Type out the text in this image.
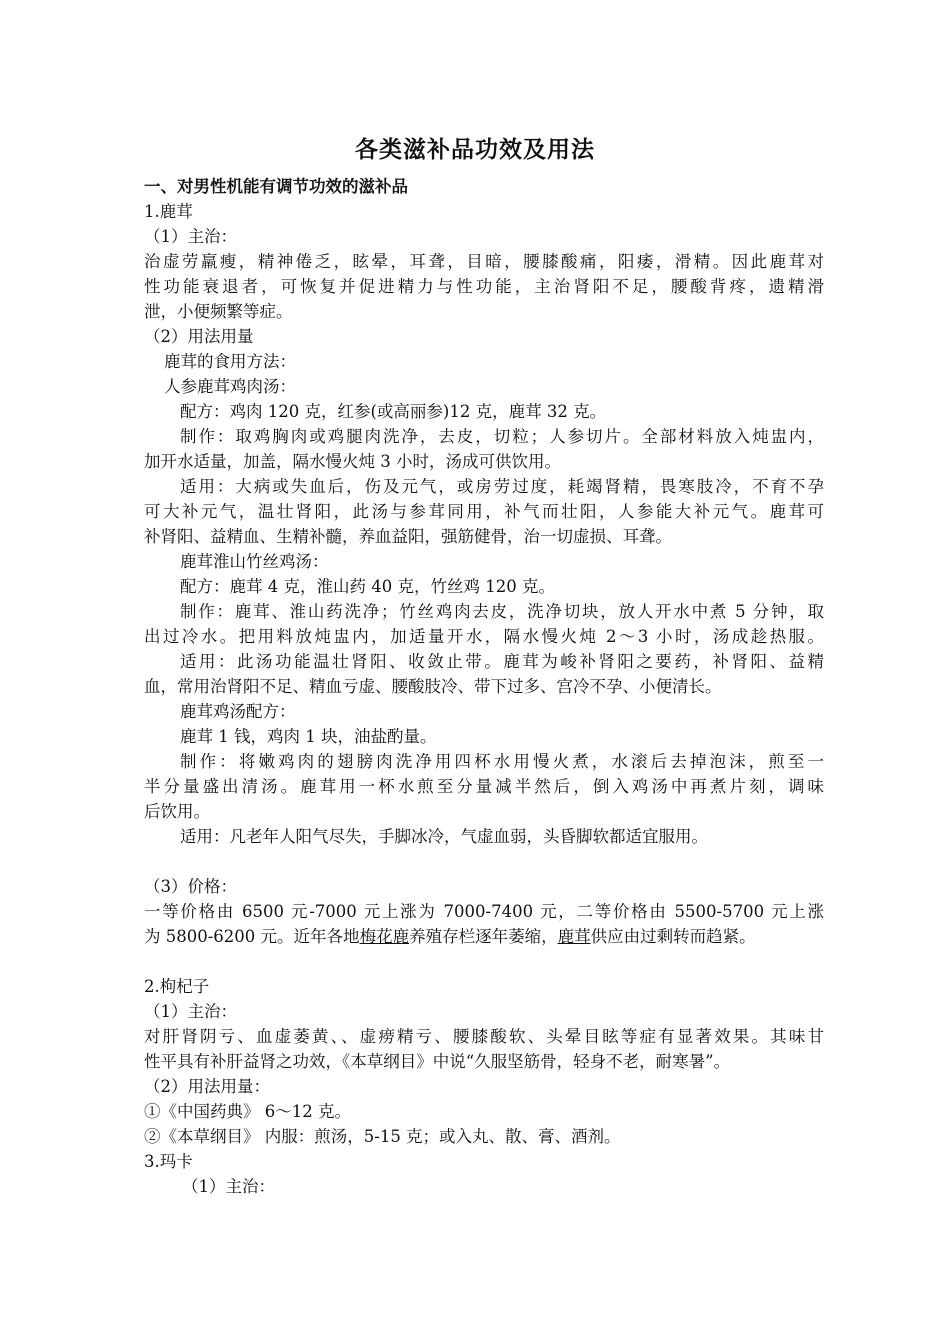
各类滋补品功效及用法
一、对男性机能有调节功效的滋补品
1.鹿茸
（1）主治：
治虚劳羸瘦，精神倦乏，眩晕，耳聋，目暗，腰膝酸痛，阳痿，滑精。因此鹿茸对
性功能衰退者，可恢复并促进精力与性功能，主治肾阳不足，腰酸背疼，遗精滑
泄，小便频繁等症。
（2）用法用量
鹿茸的食用方法：
人参鹿茸鸡肉汤：
配方：鸡肉 120 克，红参(或高丽参)12 克，鹿茸 32 克。
制作：取鸡胸肉或鸡腿肉洗净，去皮，切粒；人参切片。全部材料放入炖盅内，
加开水适量，加盖，隔水慢火炖 3 小时，汤成可供饮用。
适用：大病或失血后，伤及元气，或房劳过度，耗竭肾精，畏寒肢冷，不育不孕
可大补元气，温壮肾阳，此汤与参茸同用，补气而壮阳，人参能大补元气。鹿茸可
补肾阳、益精血、生精补髓，养血益阳，强筋健骨，治一切虚损、耳聋。
鹿茸淮山竹丝鸡汤：
配方：鹿茸 4 克，淮山药 40 克，竹丝鸡 120 克。
制作：鹿茸、淮山药洗净；竹丝鸡肉去皮，洗净切块，放人开水中煮 5 分钟，取
出过冷水。把用料放炖盅内，加适量开水，隔水慢火炖 2～3 小时，汤成趁热服。
适用：此汤功能温壮肾阳、收敛止带。鹿茸为峻补肾阳之要药，补肾阳、益精
血，常用治肾阳不足、精血亏虚、腰酸肢冷、带下过多、宫冷不孕、小便清长。
鹿茸鸡汤配方：
鹿茸 1 钱，鸡肉 1 块，油盐酌量。
制作：将嫩鸡肉的翅膀肉洗净用四杯水用慢火煮，水滚后去掉泡沫，煎至一
半分量盛出清汤。鹿茸用一杯水煎至分量减半然后，倒入鸡汤中再煮片刻，调味
后饮用。
适用：凡老年人阳气尽失，手脚冰冷，气虚血弱，头昏脚软都适宜服用。
（3）价格：
一等价格由 6500 元-7000 元上涨为 7000-7400 元，二等价格由 5500-5700 元上涨
为 5800-6200 元。近年各地梅花鹿养殖存栏逐年萎缩，鹿茸供应由过剩转而趋紧。
2.枸杞子
（1）主治：
对肝肾阴亏、血虚萎黄、、虚痨精亏、腰膝酸软、头晕目眩等症有显著效果。其味甘
性平具有补肝益肾之功效，《本草纲目》中说“久服坚筋骨，轻身不老，耐寒暑”。
（2）用法用量：
①《中国药典》 6～12 克。
②《本草纲目》 内服：煎汤，5-15 克；或入丸、散、膏、酒剂。
3.玛卡
（1）主治：
